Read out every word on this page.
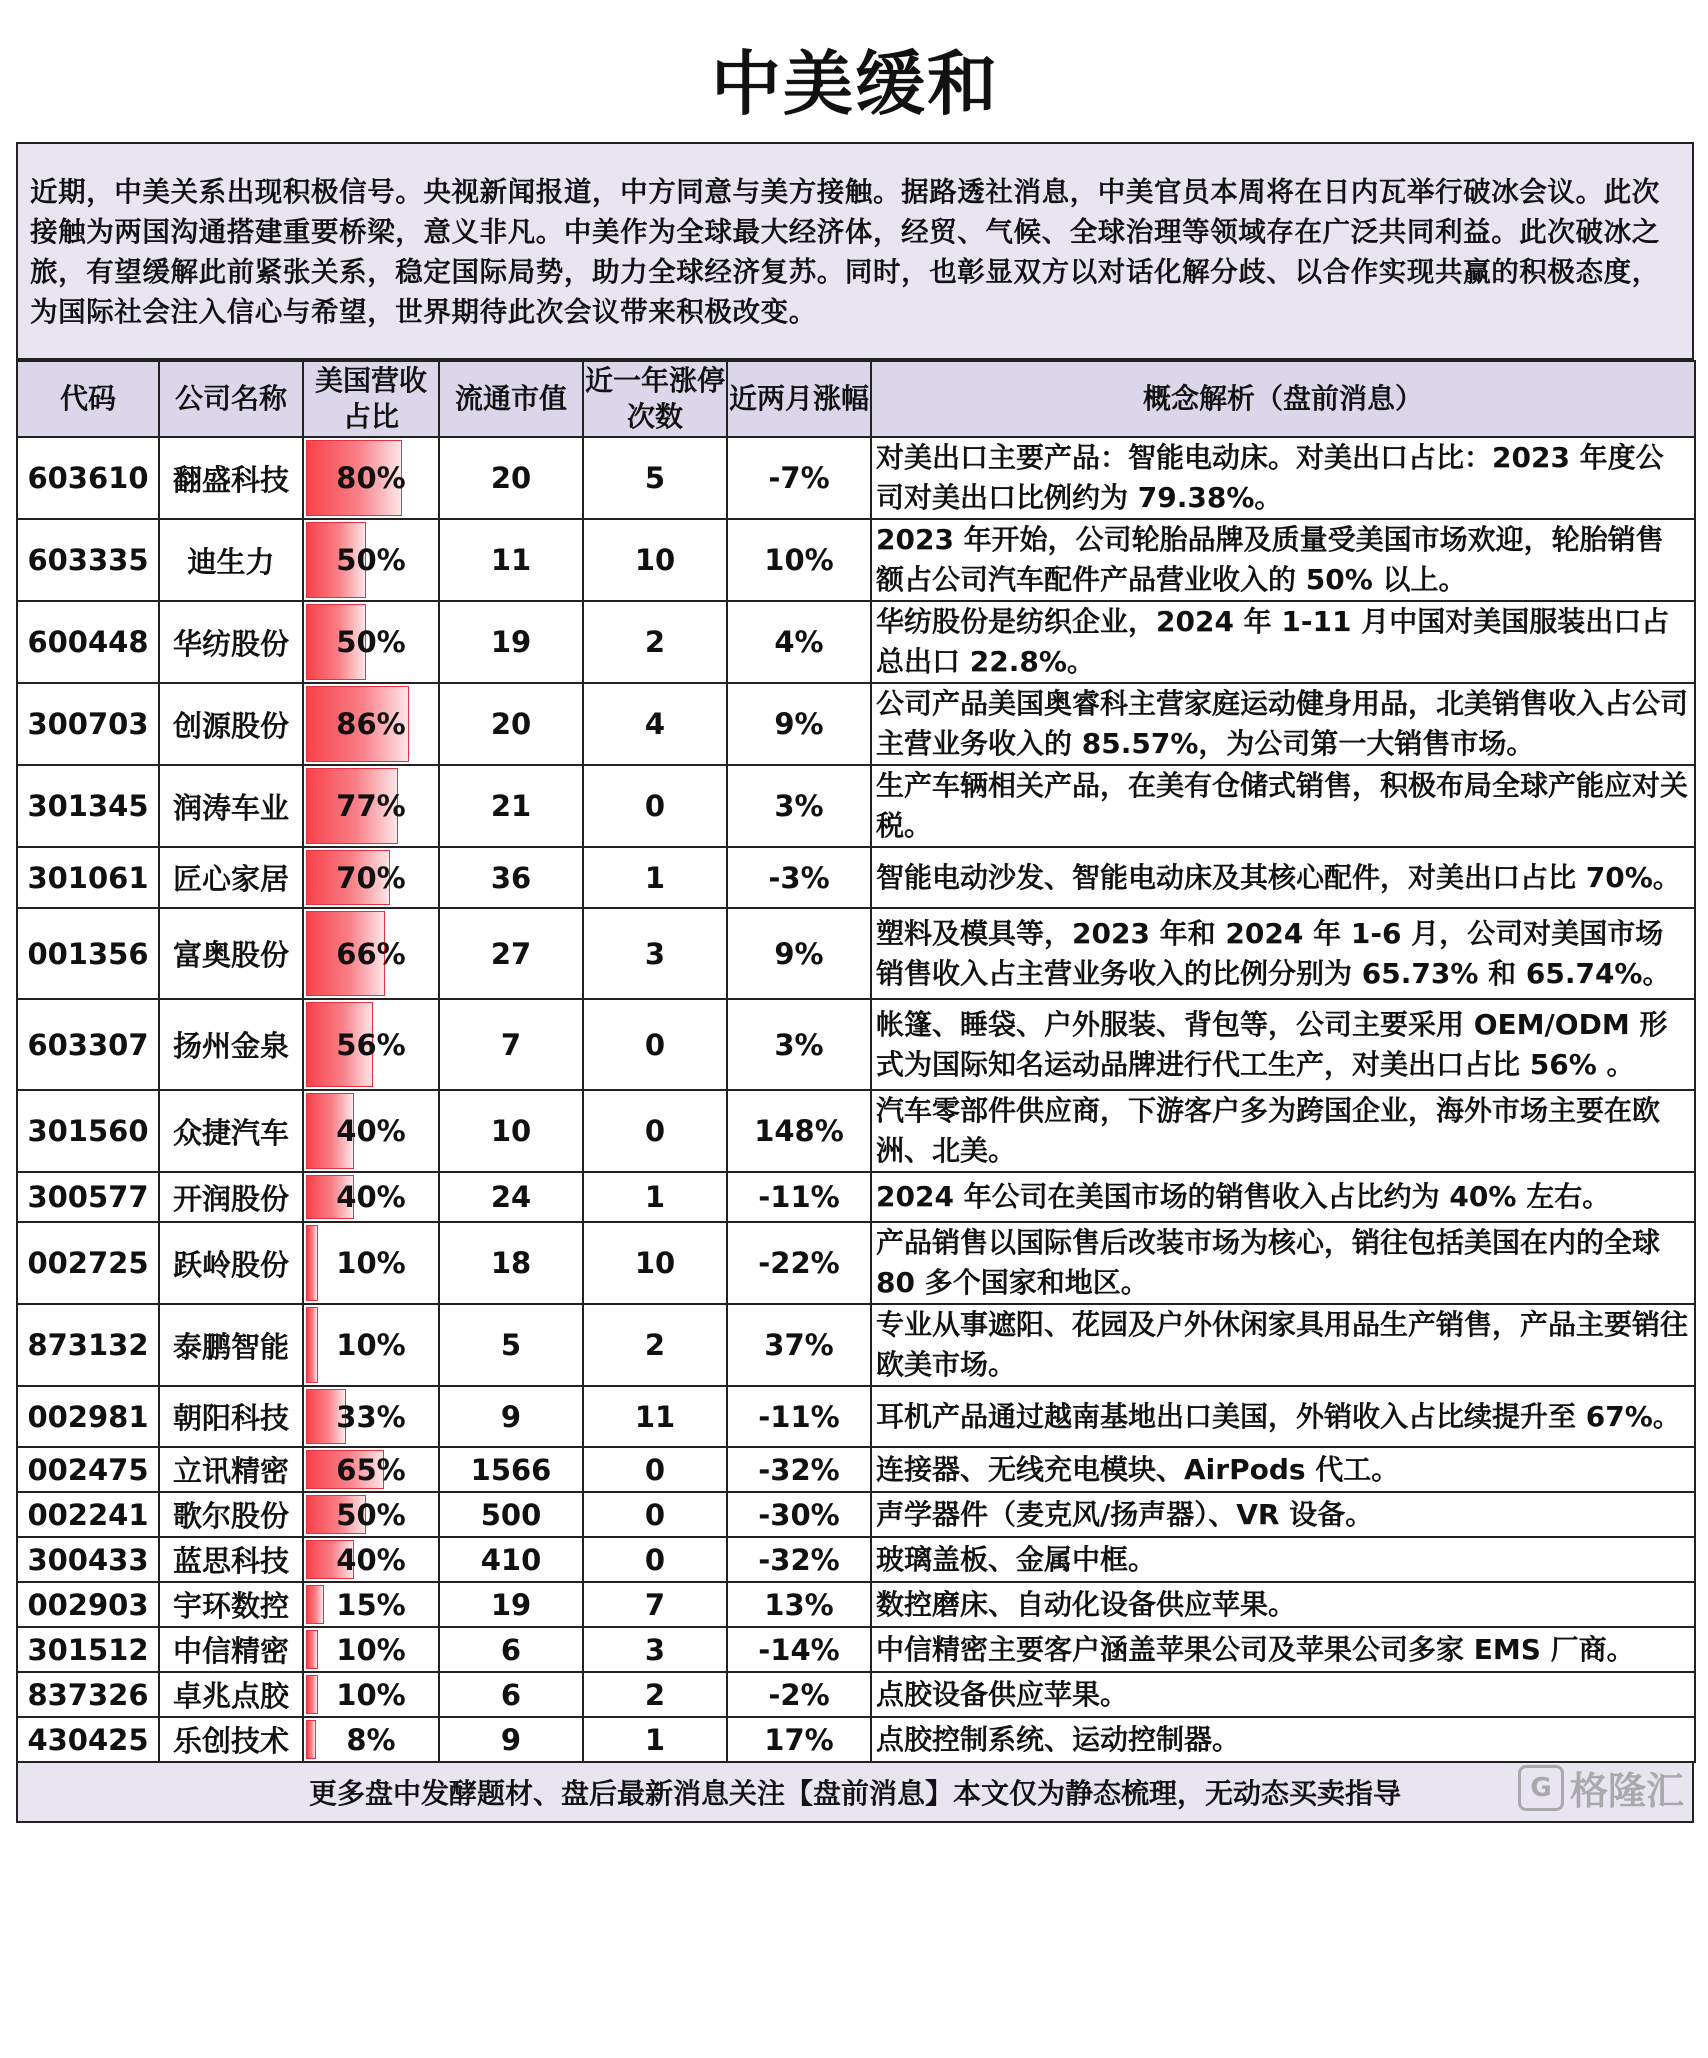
中美缓和
近期，中美关系出现积极信号。央视新闻报道，中方同意与美方接触。据路透社消息，中美官员本周将在日内瓦举行破冰会议。此次接触为两国沟通搭建重要桥梁，意义非凡。中美作为全球最大经济体，经贸、气候、全球治理等领域存在广泛共同利益。此次破冰之旅，有望缓解此前紧张关系，稳定国际局势，助力全球经济复苏。同时，也彰显双方以对话化解分歧、以合作实现共赢的积极态度，为国际社会注入信心与希望，世界期待此次会议带来积极改变。
代码	公司名称	美国营收占比	流通市值	近一年涨停次数	近两月涨幅	概念解析（盘前消息）
603610	翻盛科技	80%	20	5	-7%	对美出口主要产品：智能电动床。对美出口占比：2023 年度公司对美出口比例约为 79.38%。
603335	迪生力	50%	11	10	10%	2023 年开始，公司轮胎品牌及质量受美国市场欢迎，轮胎销售额占公司汽车配件产品营业收入的 50% 以上。
600448	华纺股份	50%	19	2	4%	华纺股份是纺织企业，2024 年 1-11 月中国对美国服装出口占总出口 22.8%。
300703	创源股份	86%	20	4	9%	公司产品美国奥睿科主营家庭运动健身用品，北美销售收入占公司主营业务收入的 85.57%，为公司第一大销售市场。
301345	润涛车业	77%	21	0	3%	生产车辆相关产品，在美有仓储式销售，积极布局全球产能应对关税。
301061	匠心家居	70%	36	1	-3%	智能电动沙发、智能电动床及其核心配件，对美出口占比 70%。
001356	富奥股份	66%	27	3	9%	塑料及模具等，2023 年和 2024 年 1-6 月，公司对美国市场销售收入占主营业务收入的比例分别为 65.73% 和 65.74%。
603307	扬州金泉	56%	7	0	3%	帐篷、睡袋、户外服装、背包等，公司主要采用 OEM/ODM 形式为国际知名运动品牌进行代工生产，对美出口占比 56% 。
301560	众捷汽车	40%	10	0	148%	汽车零部件供应商，下游客户多为跨国企业，海外市场主要在欧洲、北美。
300577	开润股份	40%	24	1	-11%	2024 年公司在美国市场的销售收入占比约为 40% 左右。
002725	跃岭股份	10%	18	10	-22%	产品销售以国际售后改装市场为核心，销往包括美国在内的全球 80 多个国家和地区。
873132	泰鹏智能	10%	5	2	37%	专业从事遮阳、花园及户外休闲家具用品生产销售，产品主要销往欧美市场。
002981	朝阳科技	33%	9	11	-11%	耳机产品通过越南基地出口美国，外销收入占比续提升至 67%。
002475	立讯精密	65%	1566	0	-32%	连接器、无线充电模块、AirPods 代工。
002241	歌尔股份	50%	500	0	-30%	声学器件（麦克风/扬声器）、VR 设备。
300433	蓝思科技	40%	410	0	-32%	玻璃盖板、金属中框。
002903	宇环数控	15%	19	7	13%	数控磨床、自动化设备供应苹果。
301512	中信精密	10%	6	3	-14%	中信精密主要客户涵盖苹果公司及苹果公司多家 EMS 厂商。
837326	卓兆点胶	10%	6	2	-2%	点胶设备供应苹果。
430425	乐创技术	8%	9	1	17%	点胶控制系统、运动控制器。
更多盘中发酵题材、盘后最新消息关注【盘前消息】本文仅为静态梳理，无动态买卖指导	G 格隆汇
